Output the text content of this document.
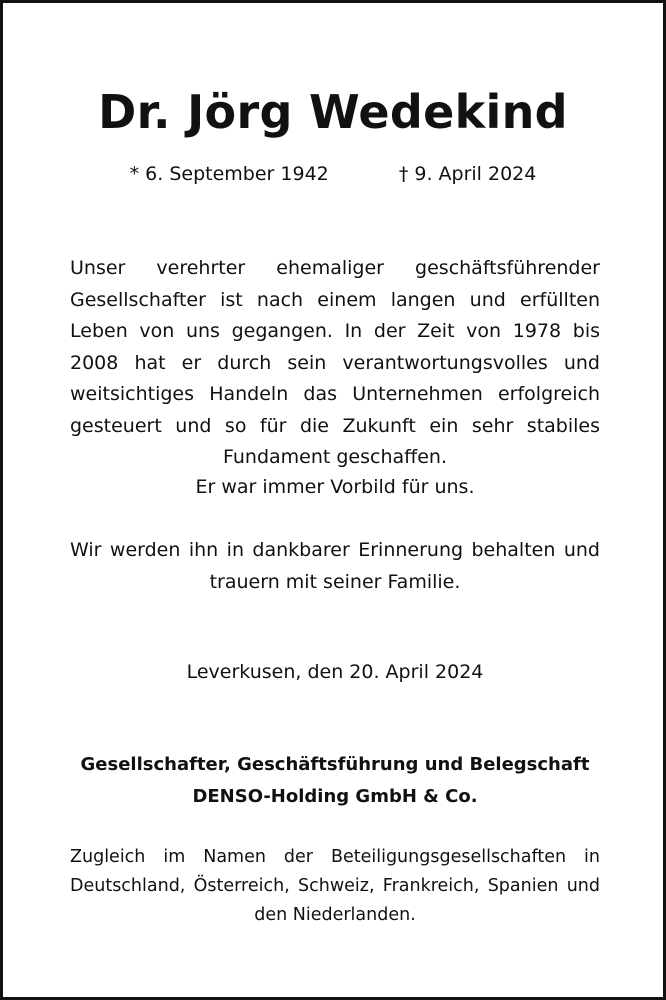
Dr. Jörg Wedekind
* 6. September 1942	† 9. April 2024
Unser verehrter ehemaliger geschäftsführender Gesellschafter ist nach einem langen und erfüllten Leben von uns gegangen. In der Zeit von 1978 bis 2008 hat er durch sein verantwortungsvolles und weitsichtiges Handeln das Unternehmen erfolgreich gesteuert und so für die Zukunft ein sehr stabiles Fundament geschaffen.
Er war immer Vorbild für uns.
Wir werden ihn in dankbarer Erinnerung behalten und trauern mit seiner Familie.
Leverkusen, den 20. April 2024
Gesellschafter, Geschäftsführung und Belegschaft
DENSO-Holding GmbH & Co.
Zugleich im Namen der Beteiligungsgesellschaften in Deutschland, Österreich, Schweiz, Frankreich, Spanien und den Niederlanden.
